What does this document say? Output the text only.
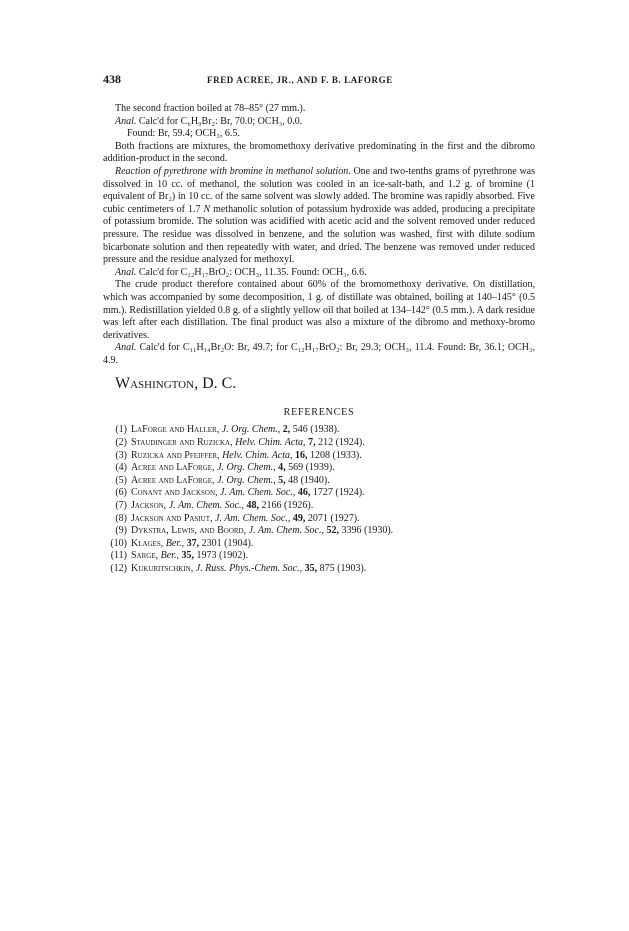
438	FRED ACREE, JR., AND F. B. LAFORGE

The second fraction boiled at 78–85° (27 mm.).

Anal. Calc'd for C₆H₉Br₂: Br, 70.0; OCH₃, 0.0.

Found: Br, 59.4; OCH₃, 6.5.

Both fractions are mixtures, the bromomethoxy derivative predominating in the first and the dibromo addition-product in the second.

Reaction of pyrethrone with bromine in methanol solution. One and two-tenths grams of pyrethrone was dissolved in 10 cc. of methanol, the solution was cooled in an ice-salt-bath, and 1.2 g. of bromine (1 equivalent of Br₂) in 10 cc. of the same solvent was slowly added. The bromine was rapidly absorbed. Five cubic centimeters of 1.7 N methanolic solution of potassium hydroxide was added, producing a precipitate of potassium bromide. The solution was acidified with acetic acid and the solvent removed under reduced pressure. The residue was dissolved in benzene, and the solution was washed, first with dilute sodium bicarbonate solution and then repeatedly with water, and dried. The benzene was removed under reduced pressure and the residue analyzed for methoxyl.

Anal. Calc'd for C₁₂H₁₇BrO₂: OCH₃, 11.35. Found: OCH₃, 6.6.

The crude product therefore contained about 60% of the bromomethoxy derivative. On distillation, which was accompanied by some decomposition, 1 g. of distillate was obtained, boiling at 140–145° (0.5 mm.). Redistillation yielded 0.8 g. of a slightly yellow oil that boiled at 134–142° (0.5 mm.). A dark residue was left after each distillation. The final product was also a mixture of the dibromo and methoxy-bromo derivatives.

Anal. Calc'd for C₁₁H₁₄Br₂O: Br, 49.7; for C₁₂H₁₇BrO₂: Br, 29.3; OCH₃, 11.4. Found: Br, 36.1; OCH₃, 4.9.

Washington, D. C.
REFERENCES
(1) LaForge and Haller, J. Org. Chem., 2, 546 (1938).
(2) Staudinger and Ruzicka, Helv. Chim. Acta, 7, 212 (1924).
(3) Ruzicka and Pfeiffer, Helv. Chim. Acta, 16, 1208 (1933).
(4) Acree and LaForge, J. Org. Chem., 4, 569 (1939).
(5) Acree and LaForge, J. Org. Chem., 5, 48 (1940).
(6) Conant and Jackson, J. Am. Chem. Soc., 46, 1727 (1924).
(7) Jackson, J. Am. Chem. Soc., 48, 2166 (1926).
(8) Jackson and Pasiut, J. Am. Chem. Soc., 49, 2071 (1927).
(9) Dykstra, Lewis, and Boord, J. Am. Chem. Soc., 52, 3396 (1930).
(10) Klages, Ber., 37, 2301 (1904).
(11) Sarge, Ber., 35, 1973 (1902).
(12) Kukuritschkin, J. Russ. Phys.-Chem. Soc., 35, 875 (1903).
